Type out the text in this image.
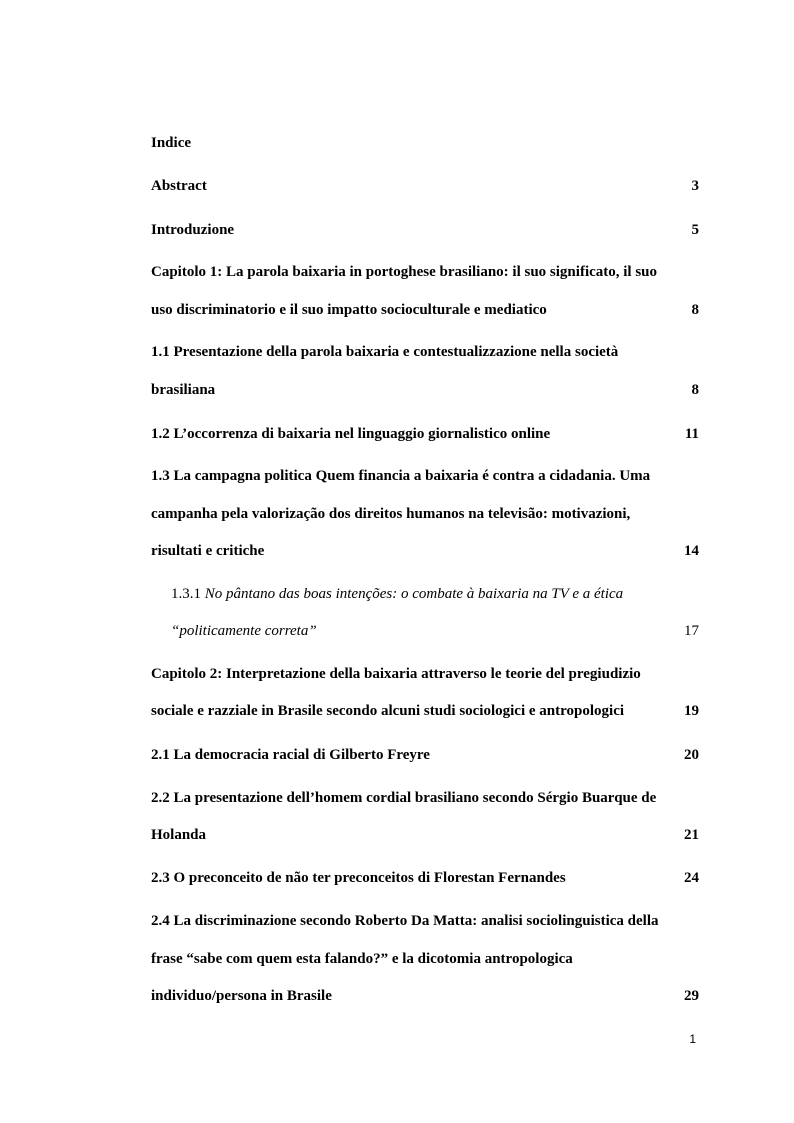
Indice
Abstract	3
Introduzione	5
Capitolo 1: La parola baixaria in portoghese brasiliano: il suo significato, il suo
uso discriminatorio e il suo impatto socioculturale e mediatico	8
1.1 Presentazione della parola baixaria e contestualizzazione nella società
brasiliana	8
1.2 L’occorrenza di baixaria nel linguaggio giornalistico online	11
1.3 La campagna politica Quem financia a baixaria é contra a cidadania. Uma
campanha pela valorização dos direitos humanos na televisão: motivazioni,
risultati e critiche	14
1.3.1 No pântano das boas intenções: o combate à baixaria na TV e a ética
“politicamente correta”	17
Capitolo 2: Interpretazione della baixaria attraverso le teorie del pregiudizio
sociale e razziale in Brasile secondo alcuni studi sociologici e antropologici	19
2.1 La democracia racial di Gilberto Freyre	20
2.2 La presentazione dell’homem cordial brasiliano secondo Sérgio Buarque de
Holanda	21
2.3 O preconceito de não ter preconceitos di Florestan Fernandes	24
2.4 La discriminazione secondo Roberto Da Matta: analisi sociolinguistica della
frase “sabe com quem esta falando?” e la dicotomia antropologica
individuo/persona in Brasile	29
1
